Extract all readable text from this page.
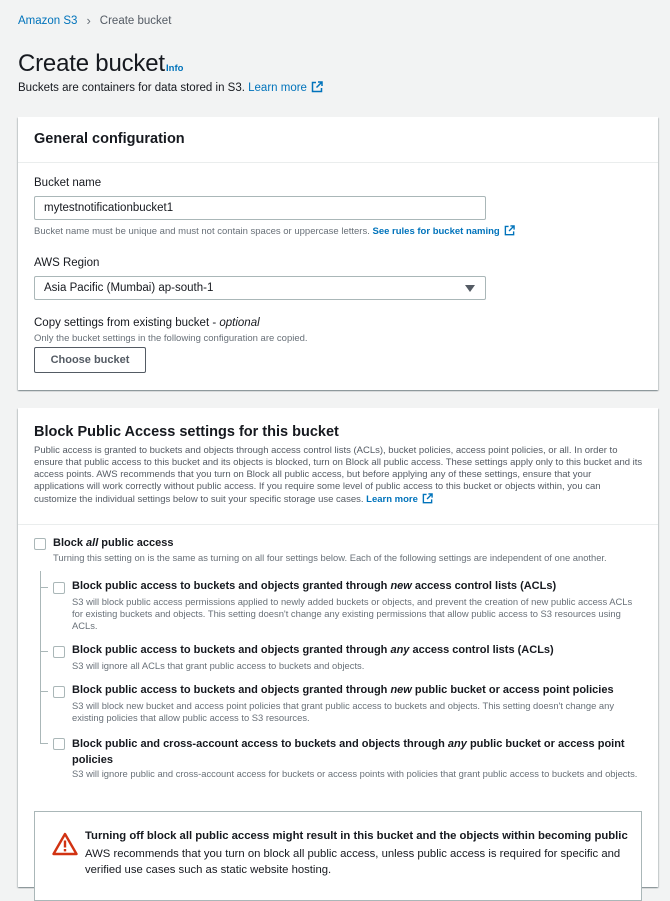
Amazon S3 › Create bucket
Create bucket Info
Buckets are containers for data stored in S3. Learn more
General configuration
Bucket name
mytestnotificationbucket1
Bucket name must be unique and must not contain spaces or uppercase letters. See rules for bucket naming
AWS Region
Asia Pacific (Mumbai) ap-south-1
Copy settings from existing bucket - optional
Only the bucket settings in the following configuration are copied.
Choose bucket
Block Public Access settings for this bucket
Public access is granted to buckets and objects through access control lists (ACLs), bucket policies, access point policies, or all. In order to ensure that public access to this bucket and its objects is blocked, turn on Block all public access. These settings apply only to this bucket and its access points. AWS recommends that you turn on Block all public access, but before applying any of these settings, ensure that your applications will work correctly without public access. If you require some level of public access to this bucket or objects within, you can customize the individual settings below to suit your specific storage use cases. Learn more
Block all public access
Turning this setting on is the same as turning on all four settings below. Each of the following settings are independent of one another.
Block public access to buckets and objects granted through new access control lists (ACLs)
S3 will block public access permissions applied to newly added buckets or objects, and prevent the creation of new public access ACLs for existing buckets and objects. This setting doesn't change any existing permissions that allow public access to S3 resources using ACLs.
Block public access to buckets and objects granted through any access control lists (ACLs)
S3 will ignore all ACLs that grant public access to buckets and objects.
Block public access to buckets and objects granted through new public bucket or access point policies
S3 will block new bucket and access point policies that grant public access to buckets and objects. This setting doesn't change any existing policies that allow public access to S3 resources.
Block public and cross-account access to buckets and objects through any public bucket or access point policies
S3 will ignore public and cross-account access for buckets or access points with policies that grant public access to buckets and objects.
Turning off block all public access might result in this bucket and the objects within becoming public
AWS recommends that you turn on block all public access, unless public access is required for specific and verified use cases such as static website hosting.
